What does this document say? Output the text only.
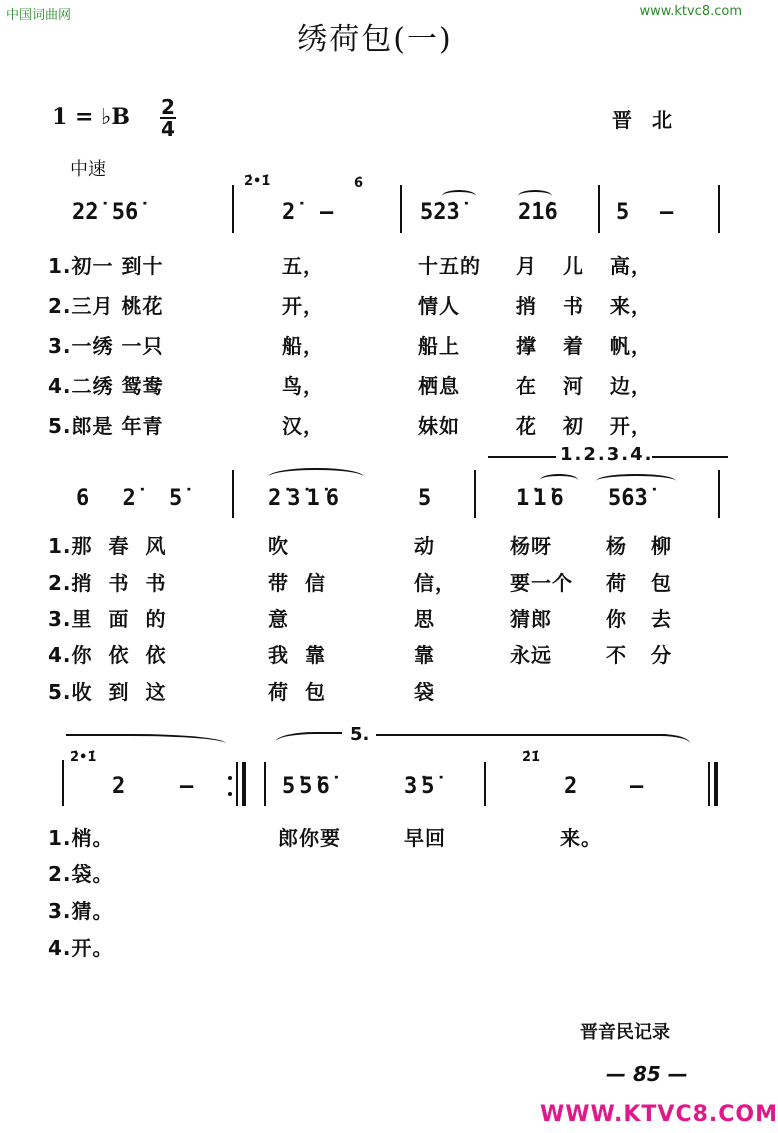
中国词曲网	www.ktvc8.com
绣荷包(一)
1 = ♭B 2
4	晋北
中速
2̇2̇ 5̇6̇
2̇•1̇
2̇ —
6̇
5̇2̇3̇	2̇1̇6	5 —
1.初一 到十	五，	十五的 月 儿 高，
2.三月 桃花	开，	情人	捎 书 来，
3.一绣 一只	船，	船上	撑 着 帆，
4.二绣 鸳鸯	鸟，	栖息	在 河 边，
5.郎是 年青	汉，	妹如	花 初 开，
1.2.3.4.
6 2̇ 5̇	2̇3̇1̇6	5	1̇1̇6 5̇6̇3̇
1.那 春 风	吹	动	杨呀	杨 柳
2.捎 书 书	带 信	信，	要一个 荷 包
3.里 面 的	意	思	猜郎	你 去
4.你 依 依	我 靠	靠	永远	不 分
5.收 到 这	荷 包	袋
5.
2̇•1̇
2 —	5̇5̇6̇	3̇5̇
2̇1̇
2 —
1.梢。	郎你要	早回	来。
2.袋。
3.猜。
4.开。
晋音民记录
— 85 —
WWW.KTVC8.COM
